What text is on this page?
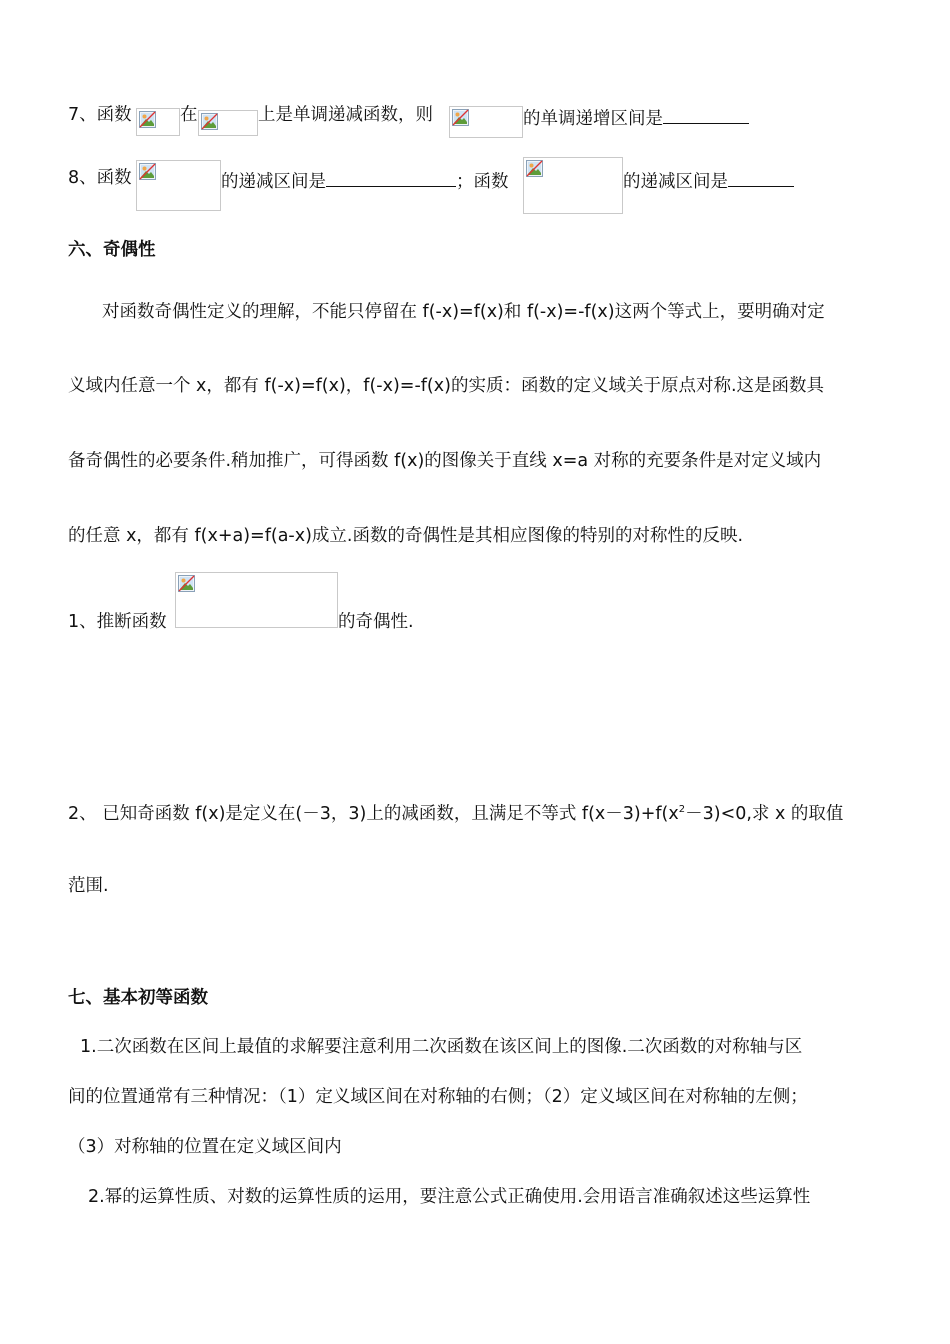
7、函数	在	上是单调递减函数，则	的单调递增区间是
8、函数	的递减区间是	；函数	的递减区间是
六、奇偶性
对函数奇偶性定义的理解，不能只停留在 f(-x)=f(x)和 f(-x)=-f(x)这两个等式上，要明确对定
义域内任意一个 x，都有 f(-x)=f(x)，f(-x)=-f(x)的实质：函数的定义域关于原点对称.这是函数具
备奇偶性的必要条件.稍加推广，可得函数 f(x)的图像关于直线 x=a 对称的充要条件是对定义域内
的任意 x，都有 f(x+a)=f(a-x)成立.函数的奇偶性是其相应图像的特别的对称性的反映.
1、推断函数	的奇偶性.
2、 已知奇函数 f(x)是定义在(－3，3)上的减函数，且满足不等式 $f(x-3)+f(x^2-3)<0$,求 x 的取值
范围.
七、基本初等函数
1.二次函数在区间上最值的求解要注意利用二次函数在该区间上的图像.二次函数的对称轴与区
间的位置通常有三种情况：（1）定义域区间在对称轴的右侧；（2）定义域区间在对称轴的左侧；
（3）对称轴的位置在定义域区间内
2.幂的运算性质、对数的运算性质的运用，要注意公式正确使用.会用语言准确叙述这些运算性
